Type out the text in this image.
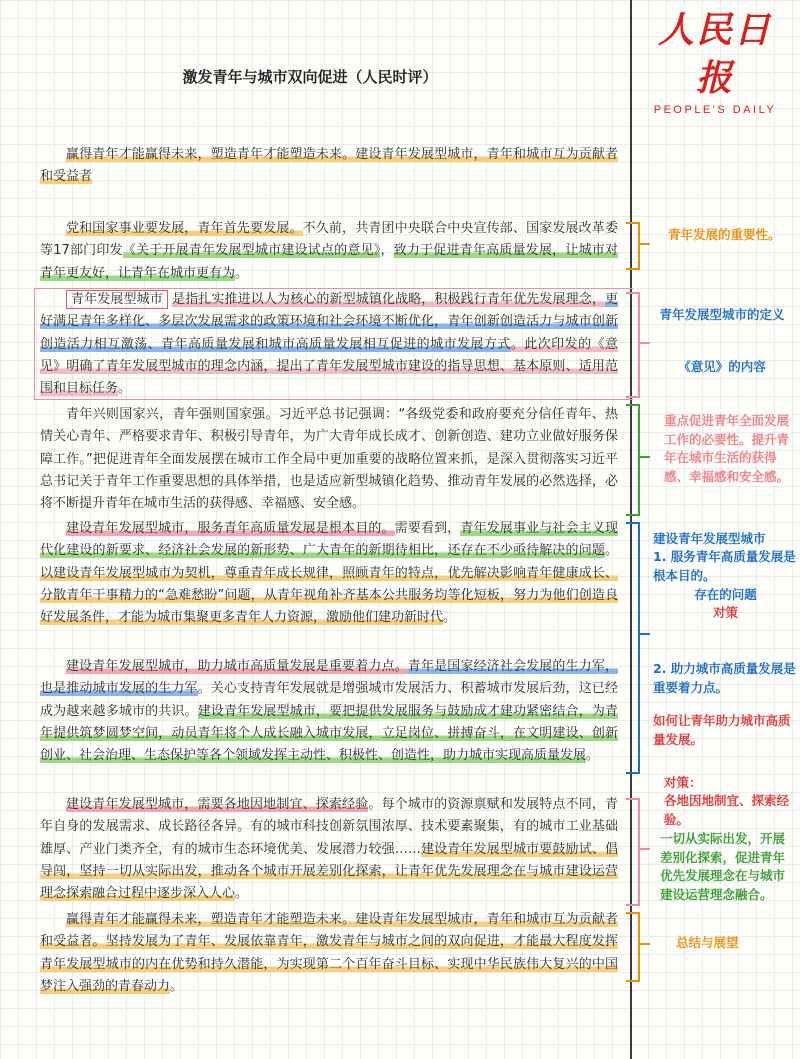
人民日报
PEOPLE'S DAILY
激发青年与城市双向促进（人民时评）
赢得青年才能赢得未来，塑造青年才能塑造未来。建设青年发展型城市，青年和城市互为贡献者和受益者
党和国家事业要发展，青年首先要发展。不久前，共青团中央联合中央宣传部、国家发展改革委等17部门印发《关于开展青年发展型城市建设试点的意见》，致力于促进青年高质量发展，让城市对青年更友好，让青年在城市更有为。
青年发展型城市 是指扎实推进以人为核心的新型城镇化战略，积极践行青年优先发展理念，更好满足青年多样化、多层次发展需求的政策环境和社会环境不断优化，青年创新创造活力与城市创新创造活力相互激荡、青年高质量发展和城市高质量发展相互促进的城市发展方式。此次印发的《意见》明确了青年发展型城市的理念内涵，提出了青年发展型城市建设的指导思想、基本原则、适用范围和目标任务。
青年兴则国家兴，青年强则国家强。习近平总书记强调：“各级党委和政府要充分信任青年、热情关心青年、严格要求青年、积极引导青年，为广大青年成长成才、创新创造、建功立业做好服务保障工作。”把促进青年全面发展摆在城市工作全局中更加重要的战略位置来抓，是深入贯彻落实习近平总书记关于青年工作重要思想的具体举措，也是适应新型城镇化趋势、推动青年发展的必然选择，必将不断提升青年在城市生活的获得感、幸福感、安全感。
建设青年发展型城市，服务青年高质量发展是根本目的。需要看到，青年发展事业与社会主义现代化建设的新要求、经济社会发展的新形势、广大青年的新期待相比，还存在不少亟待解决的问题。以建设青年发展型城市为契机，尊重青年成长规律，照顾青年的特点，优先解决影响青年健康成长、分散青年干事精力的“急难愁盼”问题，从青年视角补齐基本公共服务均等化短板，努力为他们创造良好发展条件，才能为城市集聚更多青年人力资源，激励他们建功新时代。
建设青年发展型城市，助力城市高质量发展是重要着力点。青年是国家经济社会发展的生力军，也是推动城市发展的生力军。关心支持青年发展就是增强城市发展活力、积蓄城市发展后劲，这已经成为越来越多城市的共识。建设青年发展型城市，要把提供发展服务与鼓励成才建功紧密结合，为青年提供筑梦圆梦空间，动员青年将个人成长融入城市发展，立足岗位、拼搏奋斗，在文明建设、创新创业、社会治理、生态保护等各个领域发挥主动性、积极性、创造性，助力城市实现高质量发展。
建设青年发展型城市，需要各地因地制宜、探索经验。每个城市的资源禀赋和发展特点不同，青年自身的发展需求、成长路径各异。有的城市科技创新氛围浓厚、技术要素聚集，有的城市工业基础雄厚、产业门类齐全，有的城市生态环境优美、发展潜力较强……建设青年发展型城市要鼓励试、倡导闯，坚持一切从实际出发，推动各个城市开展差别化探索，让青年优先发展理念在与城市建设运营理念探索融合过程中逐步深入人心。
赢得青年才能赢得未来，塑造青年才能塑造未来。建设青年发展型城市，青年和城市互为贡献者和受益者。坚持发展为了青年、发展依靠青年，激发青年与城市之间的双向促进，才能最大程度发挥青年发展型城市的内在优势和持久潜能，为实现第二个百年奋斗目标、实现中华民族伟大复兴的中国梦注入强劲的青春动力。
青年发展的重要性。
青年发展型城市的定义
《意见》的内容
重点促进青年全面发展工作的必要性。提升青年在城市生活的获得感、幸福感和安全感。
建设青年发展型城市
1. 服务青年高质量发展是根本目的。
存在的问题
对策
2. 助力城市高质量发展是重要着力点。
如何让青年助力城市高质量发展。
对策：
各地因地制宜、探索经验。
一切从实际出发，开展差别化探索，促进青年优先发展理念在与城市建设运营理念融合。
总结与展望
